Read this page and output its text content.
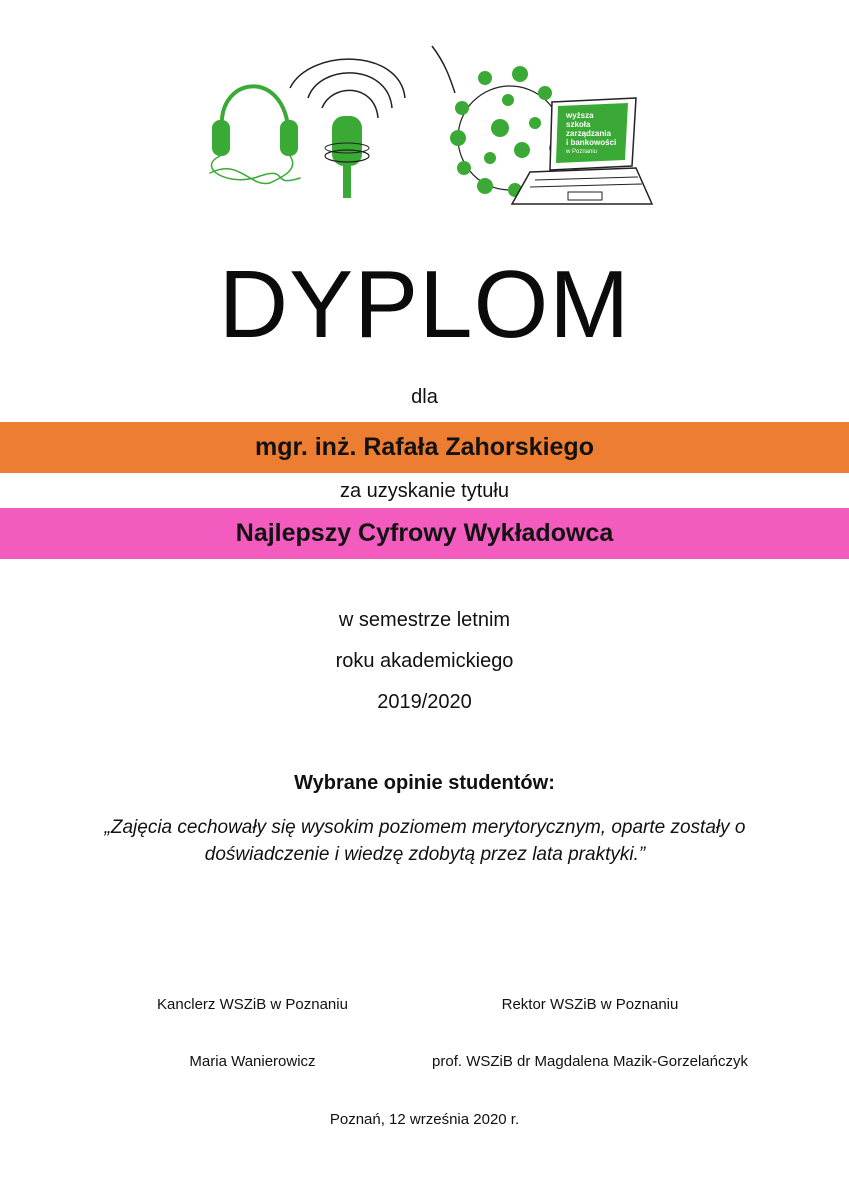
wyższa
szkoła
zarządzania
i bankowości
w Poznaniu
DYPLOM
dla
mgr. inż. Rafała Zahorskiego
za uzyskanie tytułu
Najlepszy Cyfrowy Wykładowca
w semestrze letnim
roku akademickiego
2019/2020
Wybrane opinie studentów:
„Zajęcia cechowały się wysokim poziomem merytorycznym, oparte zostały o
doświadczenie i wiedzę zdobytą przez lata praktyki.”
Kanclerz WSZiB w Poznaniu	Rektor WSZiB w Poznaniu
Maria Wanierowicz	prof. WSZiB dr Magdalena Mazik-Gorzelańczyk
Poznań, 12 września 2020 r.
